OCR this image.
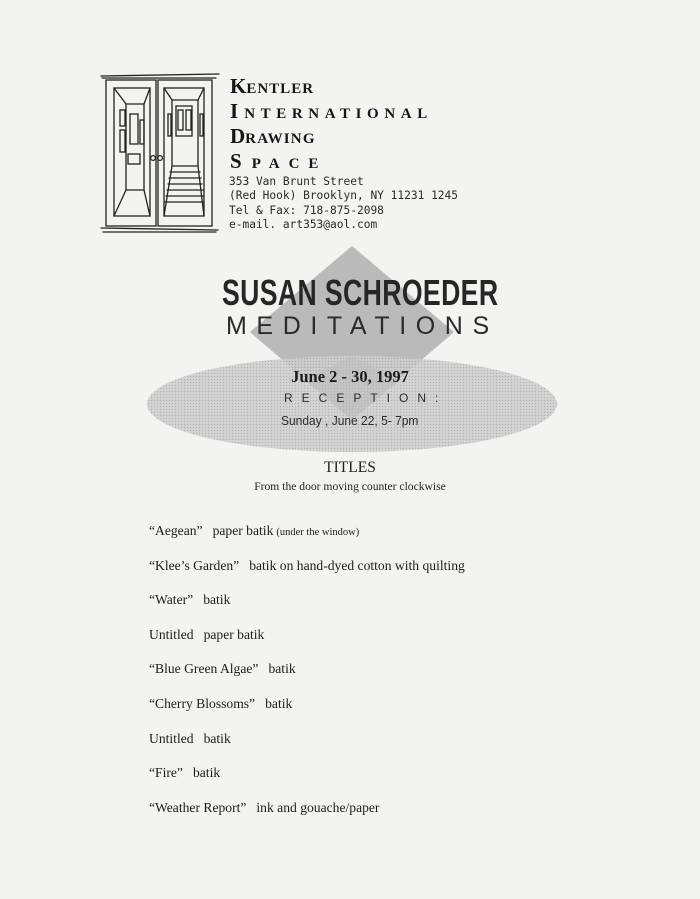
KENTLER
I NTERNATIONAL
DRAWING
S PACE
353 Van Brunt Street
(Red Hook) Brooklyn, NY 11231 1245
Tel & Fax: 718-875-2098
e-mail. art353@aol.com
SUSAN SCHROEDER
MEDITATIONS
June 2 - 30, 1997
RECEPTION:
Sunday , June 22, 5- 7pm
TITLES
From the door moving counter clockwise
“Aegean” paper batik (under the window)
“Klee’s Garden” batik on hand-dyed cotton with quilting
“Water” batik
Untitled paper batik
“Blue Green Algae” batik
“Cherry Blossoms” batik
Untitled batik
“Fire” batik
“Weather Report” ink and gouache/paper
